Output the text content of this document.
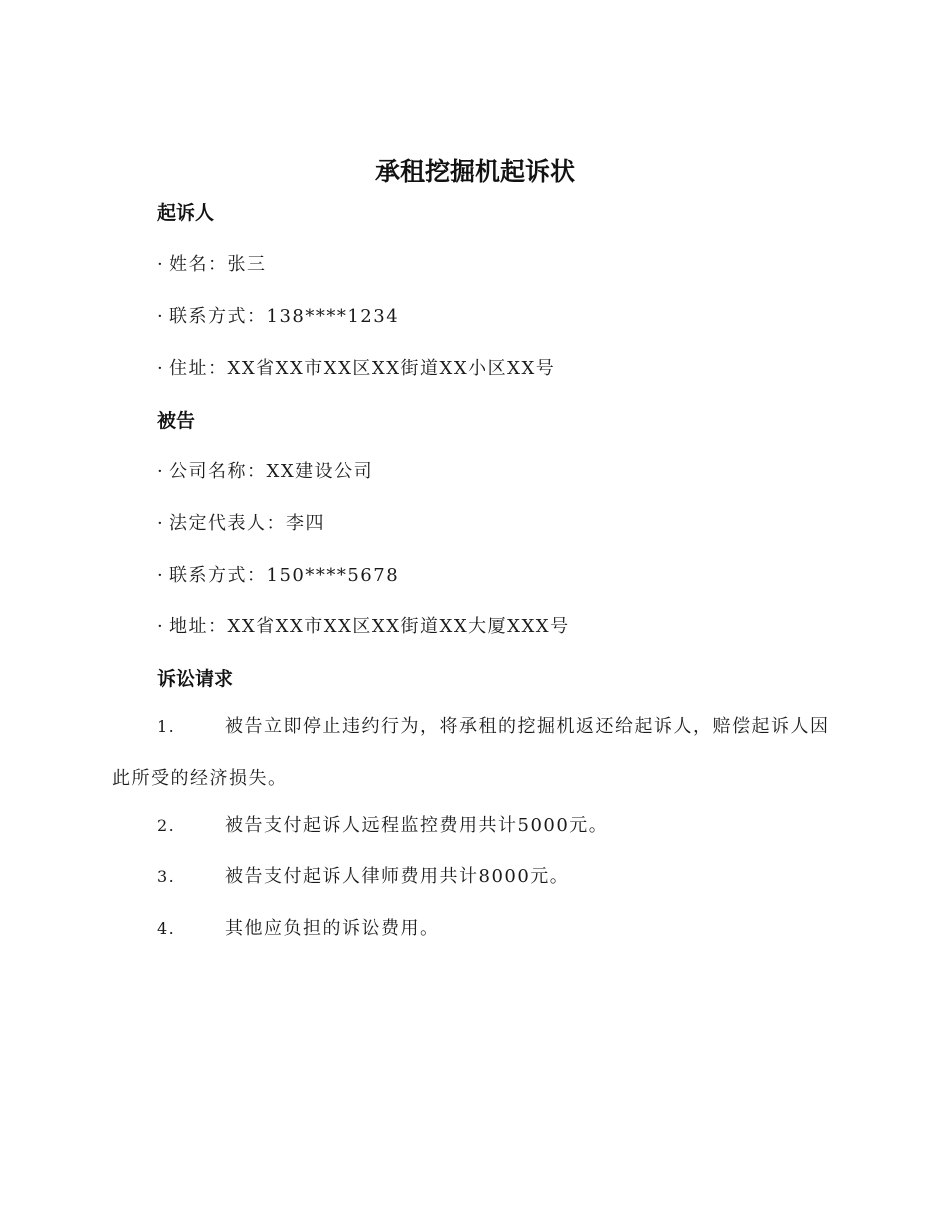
承租挖掘机起诉状
起诉人
· 姓名：张三
· 联系方式：138****1234
· 住址：XX省XX市XX区XX街道XX小区XX号
被告
· 公司名称：XX建设公司
· 法定代表人：李四
· 联系方式：150****5678
· 地址：XX省XX市XX区XX街道XX大厦XXX号
诉讼请求
1.	被告立即停止违约行为，将承租的挖掘机返还给起诉人，赔偿起诉人因此所受的经济损失。
2.	被告支付起诉人远程监控费用共计5000元。
3.	被告支付起诉人律师费用共计8000元。
4.	其他应负担的诉讼费用。
